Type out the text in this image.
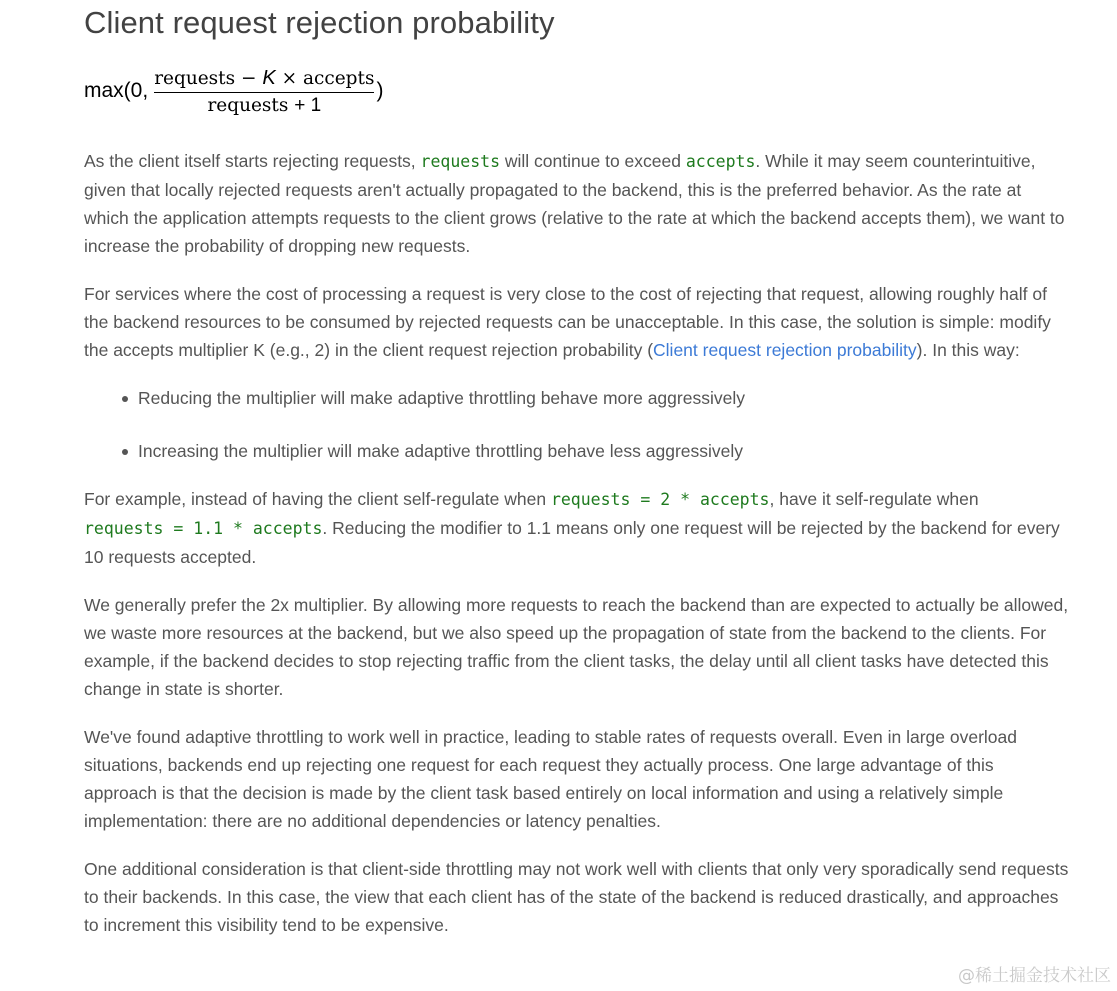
Client request rejection probability
max(0, $\frac{\text{requests − K × accepts}}{\text{requests + 1}}$ )

As the client itself starts rejecting requests, requests will continue to exceed accepts. While it may seem counterintuitive, given that locally rejected requests aren't actually propagated to the backend, this is the preferred behavior. As the rate at which the application attempts requests to the client grows (relative to the rate at which the backend accepts them), we want to increase the probability of dropping new requests.

For services where the cost of processing a request is very close to the cost of rejecting that request, allowing roughly half of the backend resources to be consumed by rejected requests can be unacceptable. In this case, the solution is simple: modify the accepts multiplier K (e.g., 2) in the client request rejection probability (Client request rejection probability). In this way:

Reducing the multiplier will make adaptive throttling behave more aggressively
Increasing the multiplier will make adaptive throttling behave less aggressively

For example, instead of having the client self-regulate when requests = 2 * accepts, have it self-regulate when requests = 1.1 * accepts. Reducing the modifier to 1.1 means only one request will be rejected by the backend for every 10 requests accepted.

We generally prefer the 2x multiplier. By allowing more requests to reach the backend than are expected to actually be allowed, we waste more resources at the backend, but we also speed up the propagation of state from the backend to the clients. For example, if the backend decides to stop rejecting traffic from the client tasks, the delay until all client tasks have detected this change in state is shorter.

We've found adaptive throttling to work well in practice, leading to stable rates of requests overall. Even in large overload situations, backends end up rejecting one request for each request they actually process. One large advantage of this approach is that the decision is made by the client task based entirely on local information and using a relatively simple implementation: there are no additional dependencies or latency penalties.

One additional consideration is that client-side throttling may not work well with clients that only very sporadically send requests to their backends. In this case, the view that each client has of the state of the backend is reduced drastically, and approaches to increment this visibility tend to be expensive.

@稀土掘金技术社区
